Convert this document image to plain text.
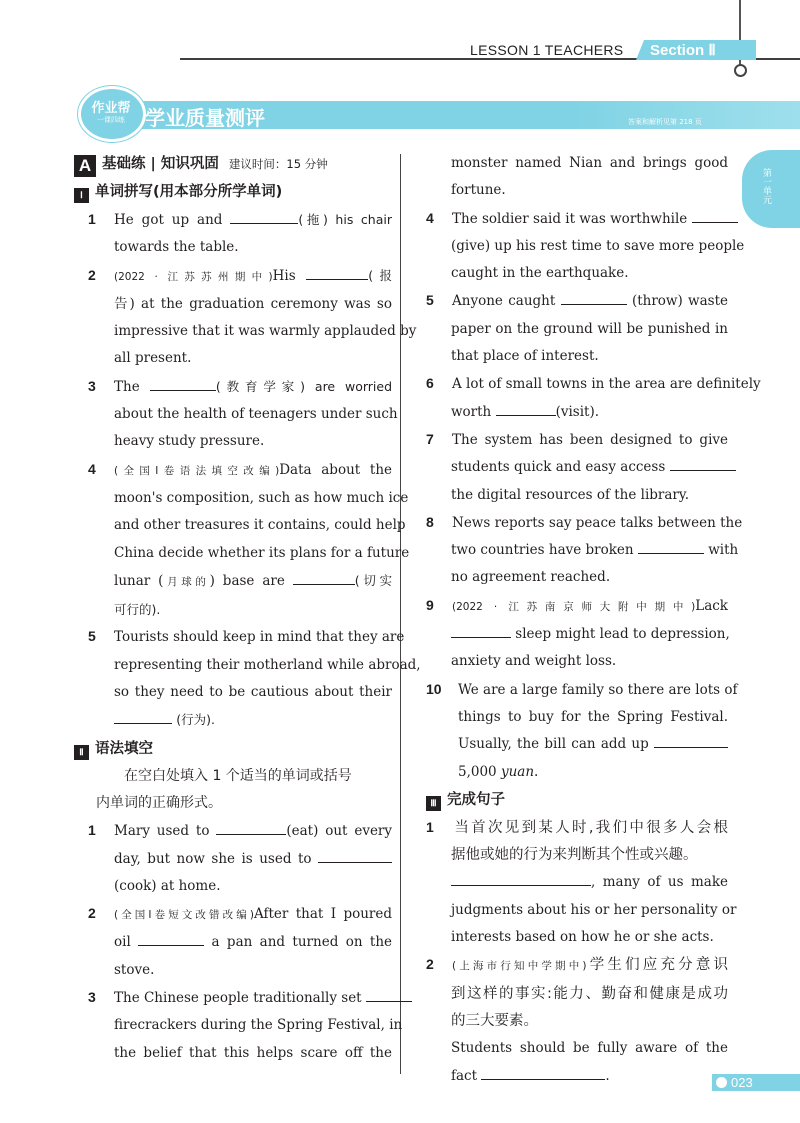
LESSON 1 TEACHERS Section Ⅱ
作业帮
一课四练	学业质量测评	答案和解析见第 218 页
第一单元
A 基础练 | 知识巩固 建议时间：15 分钟
Ⅰ 单词拼写(用本部分所学单词)
1 He got up and	(拖) his chair
towards the table.
2 (2022 · 江苏苏州期中)His	(报
告) at the graduation ceremony was so
impressive that it was warmly applauded by
all present.
3 The	(教育学家) are worried
about the health of teenagers under such
heavy study pressure.
4 (全国Ⅰ卷语法填空改编)Data about the
moon's composition, such as how much ice
and other treasures it contains, could help
China decide whether its plans for a future
lunar (月球的) base are	(切实
可行的).
5 Tourists should keep in mind that they are
representing their motherland while abroad,
so they need to be cautious about their
(行为).
Ⅱ 语法填空
在空白处填入 1 个适当的单词或括号
内单词的正确形式。
1 Mary used to	(eat) out every
day, but now she is used to
(cook) at home.
2 (全国Ⅰ卷短文改错改编)After that I poured
oil	a pan and turned on the
stove.
3 The Chinese people traditionally set
firecrackers during the Spring Festival, in
the belief that this helps scare off the
monster named Nian and brings good
fortune.
4 The soldier said it was worthwhile
(give) up his rest time to save more people
caught in the earthquake.
5 Anyone caught	(throw) waste
paper on the ground will be punished in
that place of interest.
6 A lot of small towns in the area are definitely
worth	(visit).
7 The system has been designed to give
students quick and easy access
the digital resources of the library.
8 News reports say peace talks between the
two countries have broken	with
no agreement reached.
9 (2022 · 江苏南京师大附中期中)Lack
sleep might lead to depression,
anxiety and weight loss.
10 We are a large family so there are lots of
things to buy for the Spring Festival.
Usually, the bill can add up
5,000 yuan.
Ⅲ 完成句子
1 当首次见到某人时,我们中很多人会根
据他或她的行为来判断其个性或兴趣。
, many of us make
judgments about his or her personality or
interests based on how he or she acts.
2 (上海市行知中学期中)学生们应充分意识
到这样的事实:能力、勤奋和健康是成功
的三大要素。
Students should be fully aware of the
fact	.	023
